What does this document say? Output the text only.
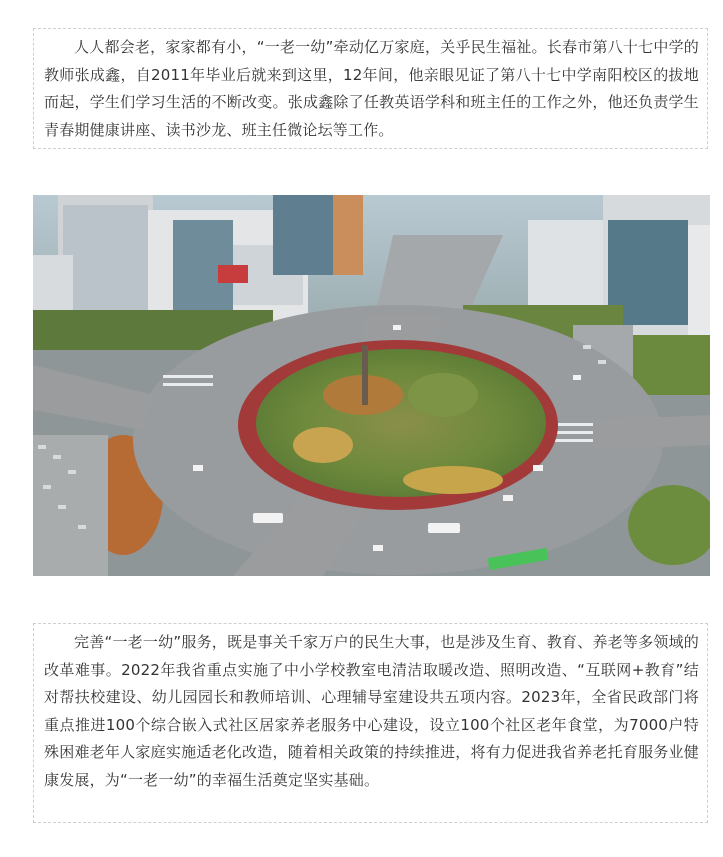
人人都会老，家家都有小，“一老一幼”牵动亿万家庭，关乎民生福祉。长春市第八十七中学的教师张成鑫，自2011年毕业后就来到这里，12年间，他亲眼见证了第八十七中学南阳校区的拔地而起，学生们学习生活的不断改变。张成鑫除了任教英语学科和班主任的工作之外，他还负责学生青春期健康讲座、读书沙龙、班主任微论坛等工作。

完善“一老一幼”服务，既是事关千家万户的民生大事，也是涉及生育、教育、养老等多领域的改革难事。2022年我省重点实施了中小学校教室电清洁取暖改造、照明改造、“互联网+教育”结对帮扶校建设、幼儿园园长和教师培训、心理辅导室建设共五项内容。2023年，全省民政部门将重点推进100个综合嵌入式社区居家养老服务中心建设，设立100个社区老年食堂，为7000户特殊困难老年人家庭实施适老化改造，随着相关政策的持续推进，将有力促进我省养老托育服务业健康发展，为“一老一幼”的幸福生活奠定坚实基础。
